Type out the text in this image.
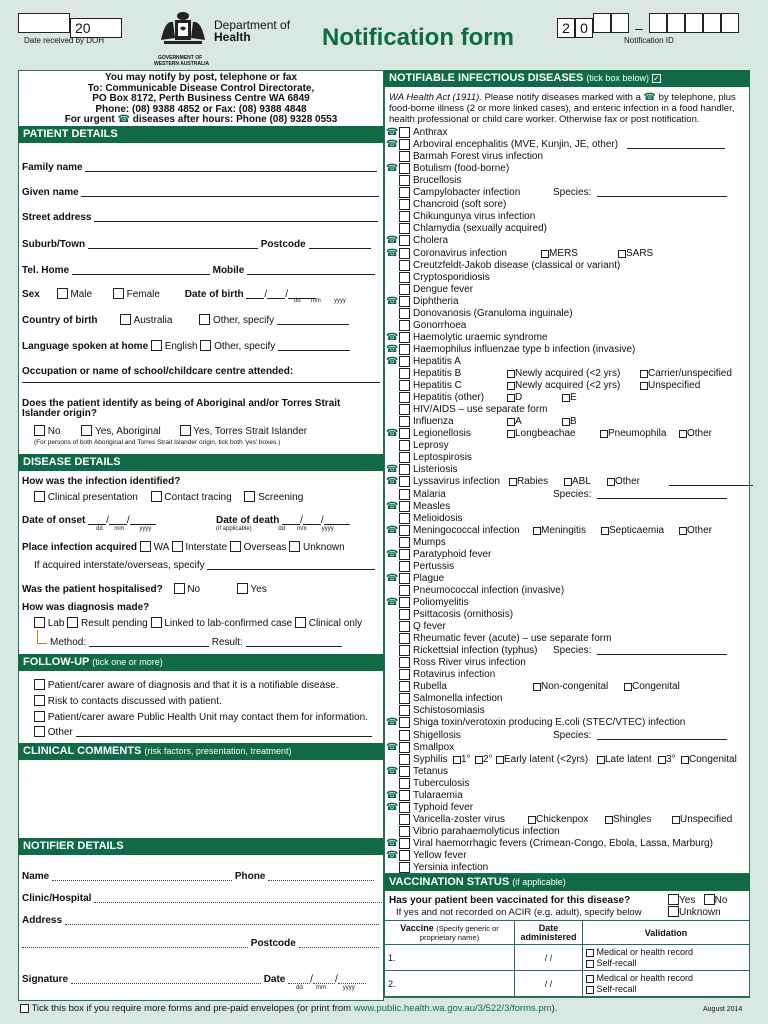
20
Date received by DOH
GOVERNMENT OF
WESTERN AUSTRALIA
Department of
Health	Notification form	2 0	–
Notification ID
You may notify by post, telephone or fax
To: Communicable Disease Control Directorate,
PO Box 8172, Perth Business Centre WA 6849
Phone: (08) 9388 4852 or Fax: (08) 9388 4848
For urgent ☎ diseases after hours: Phone (08) 9328 0553
PATIENT DETAILS
Family name
Given name
Street address
Suburb/Town	Postcode
Tel. Home	Mobile
Sex	Male	Female Date of birth / /
dd mm yyyy
Country of birth	Australia	Other, specify
Language spoken at home English Other, specify
Occupation or name of school/childcare centre attended:
Does the patient identify as being of Aboriginal and/or Torres Strait
Islander origin?
No	Yes, Aboriginal	Yes, Torres Strait Islander
(For persons of both Aboriginal and Torres Strait Islander origin, tick both 'yes' boxes.)
DISEASE DETAILS
How was the infection identified?
Clinical presentation	Contact tracing	Screening
Date of onset / /	Date of death / /
dd mm	yyyy	(if applicable)	dd mm	yyyy
Place infection acquired WA Interstate Overseas Unknown
If acquired interstate/overseas, specify
Was the patient hospitalised? No	Yes
How was diagnosis made?
Lab Result pending Linked to lab-confirmed case Clinical only
Method:	Result:
FOLLOW-UP (tick one or more)
Patient/carer aware of diagnosis and that it is a notifiable disease.
Risk to contacts discussed with patient.
Patient/carer aware Public Health Unit may contact them for information.
Other
CLINICAL COMMENTS (risk factors, presentation, treatment)
NOTIFIER DETAILS
Name	Phone
Clinic/Hospital
Address
Postcode
Signature	Date / /
dd mm	yyyy
NOTIFIABLE INFECTIOUS DISEASES (tick box below) ✓
WA Health Act (1911). Please notify diseases marked with a ☎ by telephone, plus
food-borne illness (2 or more linked cases), and enteric infection in a food handler,
health professional or child care worker. Otherwise fax or post notification.
☎ Anthrax
☎ Arboviral encephalitis (MVE, Kunjin, JE, other)
Barmah Forest virus infection
☎ Botulism (food-borne)
Brucellosis
Campylobacter infection	Species:
Chancroid (soft sore)
Chikungunya virus infection
Chlamydia (sexually acquired)
☎ Cholera
☎ Coronavirus infection	MERS	SARS
Creutzfeldt-Jakob disease (classical or variant)
Cryptosporidiosis
Dengue fever
☎ Diphtheria
Donovanosis (Granuloma inguinale)
Gonorrhoea
☎ Haemolytic uraemic syndrome
☎ Haemophilus influenzae type b infection (invasive)
☎ Hepatitis A
Hepatitis B	Newly acquired (<2 yrs)	Carrier/unspecified
Hepatitis C	Newly acquired (<2 yrs)	Unspecified
Hepatitis (other)	D	E
HIV/AIDS – use separate form
Influenza	A	B
☎ Legionellosis	Longbeachae	Pneumophila	Other
Leprosy
Leptospirosis
☎ Listeriosis
☎ Lyssavirus infection	Rabies	ABL	Other
Malaria	Species:
☎ Measles
Melioidosis
☎ Meningococcal infection	Meningitis	Septicaemia	Other
Mumps
☎ Paratyphoid fever
Pertussis
☎ Plague
Pneumococcal infection (invasive)
☎ Poliomyelitis
Psittacosis (ornithosis)
Q fever
Rheumatic fever (acute) – use separate form
Rickettsial infection (typhus) Species:
Ross River virus infection
Rotavirus infection
Rubella	Non-congenital	Congenital
Salmonella infection
Schistosomiasis
☎ Shiga toxin/verotoxin producing E.coli (STEC/VTEC) infection
Shigellosis	Species:
☎ Smallpox
Syphilis	1°	2°	Early latent (<2yrs)	Late latent	3°	Congenital
☎ Tetanus
Tuberculosis
☎ Tularaemia
☎ Typhoid fever
Varicella-zoster virus	Chickenpox	Shingles	Unspecified
Vibrio parahaemolyticus infection
☎ Viral haemorrhagic fevers (Crimean-Congo, Ebola, Lassa, Marburg)
☎ Yellow fever
Yersinia infection
VACCINATION STATUS (if applicable)
Has your patient been vaccinated for this disease?	Yes No
If yes and not recorded on ACIR (e.g. adult), specify below	Unknown
Vaccine (Specify generic or proprietary name)	Date administered	Validation
1.	/ /	Medical or health record
Self-recall

2.	/ /	Medical or health record
Self-recall
Tick this box if you require more forms and pre-paid envelopes (or print from www.public.health.wa.gov.au/3/522/3/forms.pm).	August 2014
